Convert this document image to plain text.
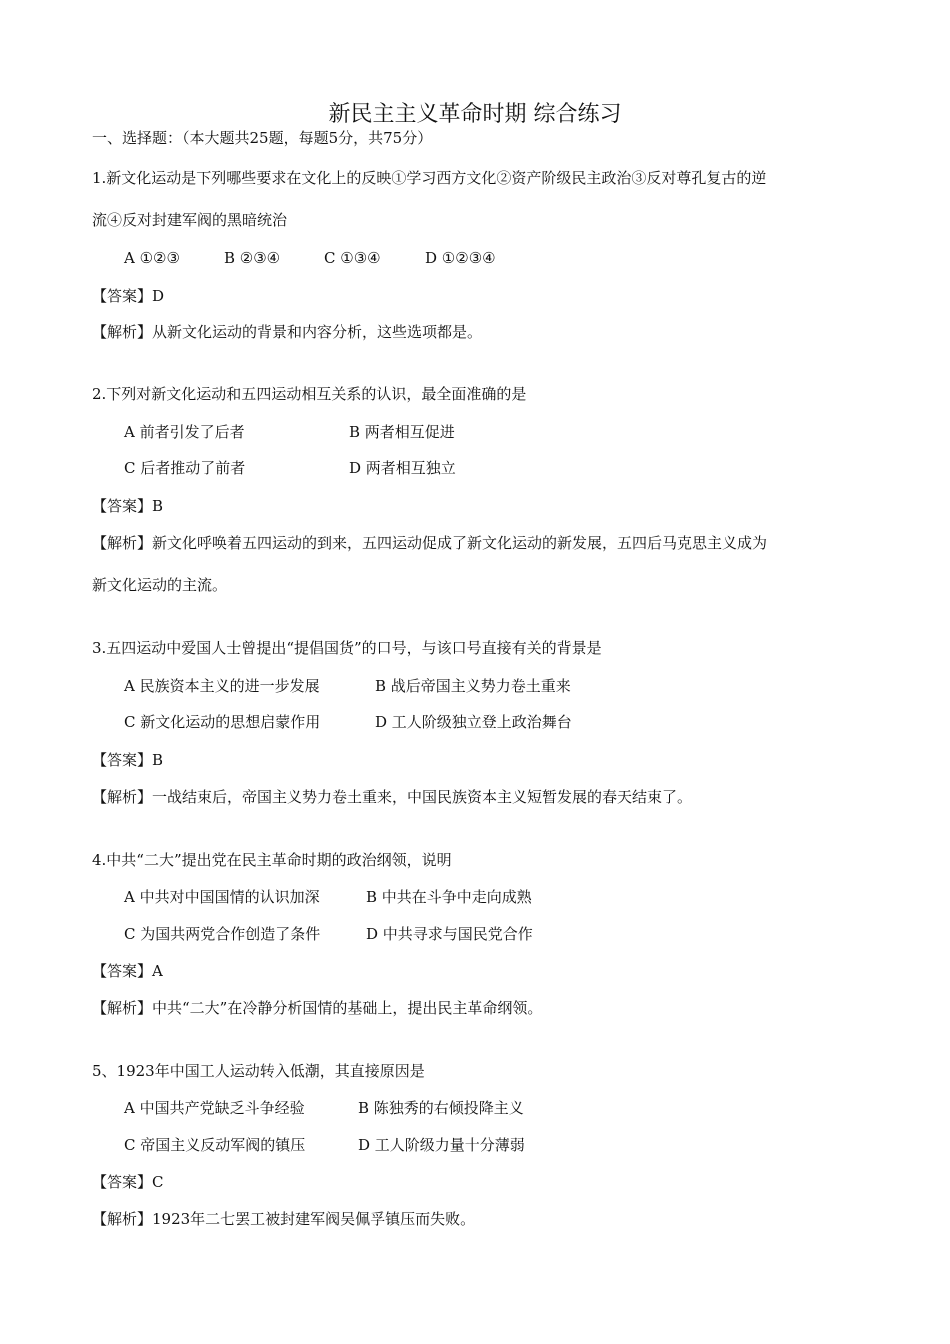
新民主主义革命时期 综合练习
一、选择题：（本大题共25题，每题5分，共75分）
1.新文化运动是下列哪些要求在文化上的反映①学习西方文化②资产阶级民主政治③反对尊孔复古的逆
流④反对封建军阀的黑暗统治
A ①②③	B ②③④	C ①③④	D ①②③④
【答案】D
【解析】从新文化运动的背景和内容分析，这些选项都是。
2.下列对新文化运动和五四运动相互关系的认识，最全面准确的是
A 前者引发了后者	B 两者相互促进
C 后者推动了前者	D 两者相互独立
【答案】B
【解析】新文化呼唤着五四运动的到来，五四运动促成了新文化运动的新发展，五四后马克思主义成为
新文化运动的主流。
3.五四运动中爱国人士曾提出“提倡国货”的口号，与该口号直接有关的背景是
A 民族资本主义的进一步发展	B 战后帝国主义势力卷土重来
C 新文化运动的思想启蒙作用	D 工人阶级独立登上政治舞台
【答案】B
【解析】一战结束后，帝国主义势力卷土重来，中国民族资本主义短暂发展的春天结束了。
4.中共“二大”提出党在民主革命时期的政治纲领，说明
A 中共对中国国情的认识加深	B 中共在斗争中走向成熟
C 为国共两党合作创造了条件	D 中共寻求与国民党合作
【答案】A
【解析】中共“二大”在冷静分析国情的基础上，提出民主革命纲领。
5、1923年中国工人运动转入低潮，其直接原因是
A 中国共产党缺乏斗争经验	B 陈独秀的右倾投降主义
C 帝国主义反动军阀的镇压	D 工人阶级力量十分薄弱
【答案】C
【解析】1923年二七罢工被封建军阀吴佩孚镇压而失败。
